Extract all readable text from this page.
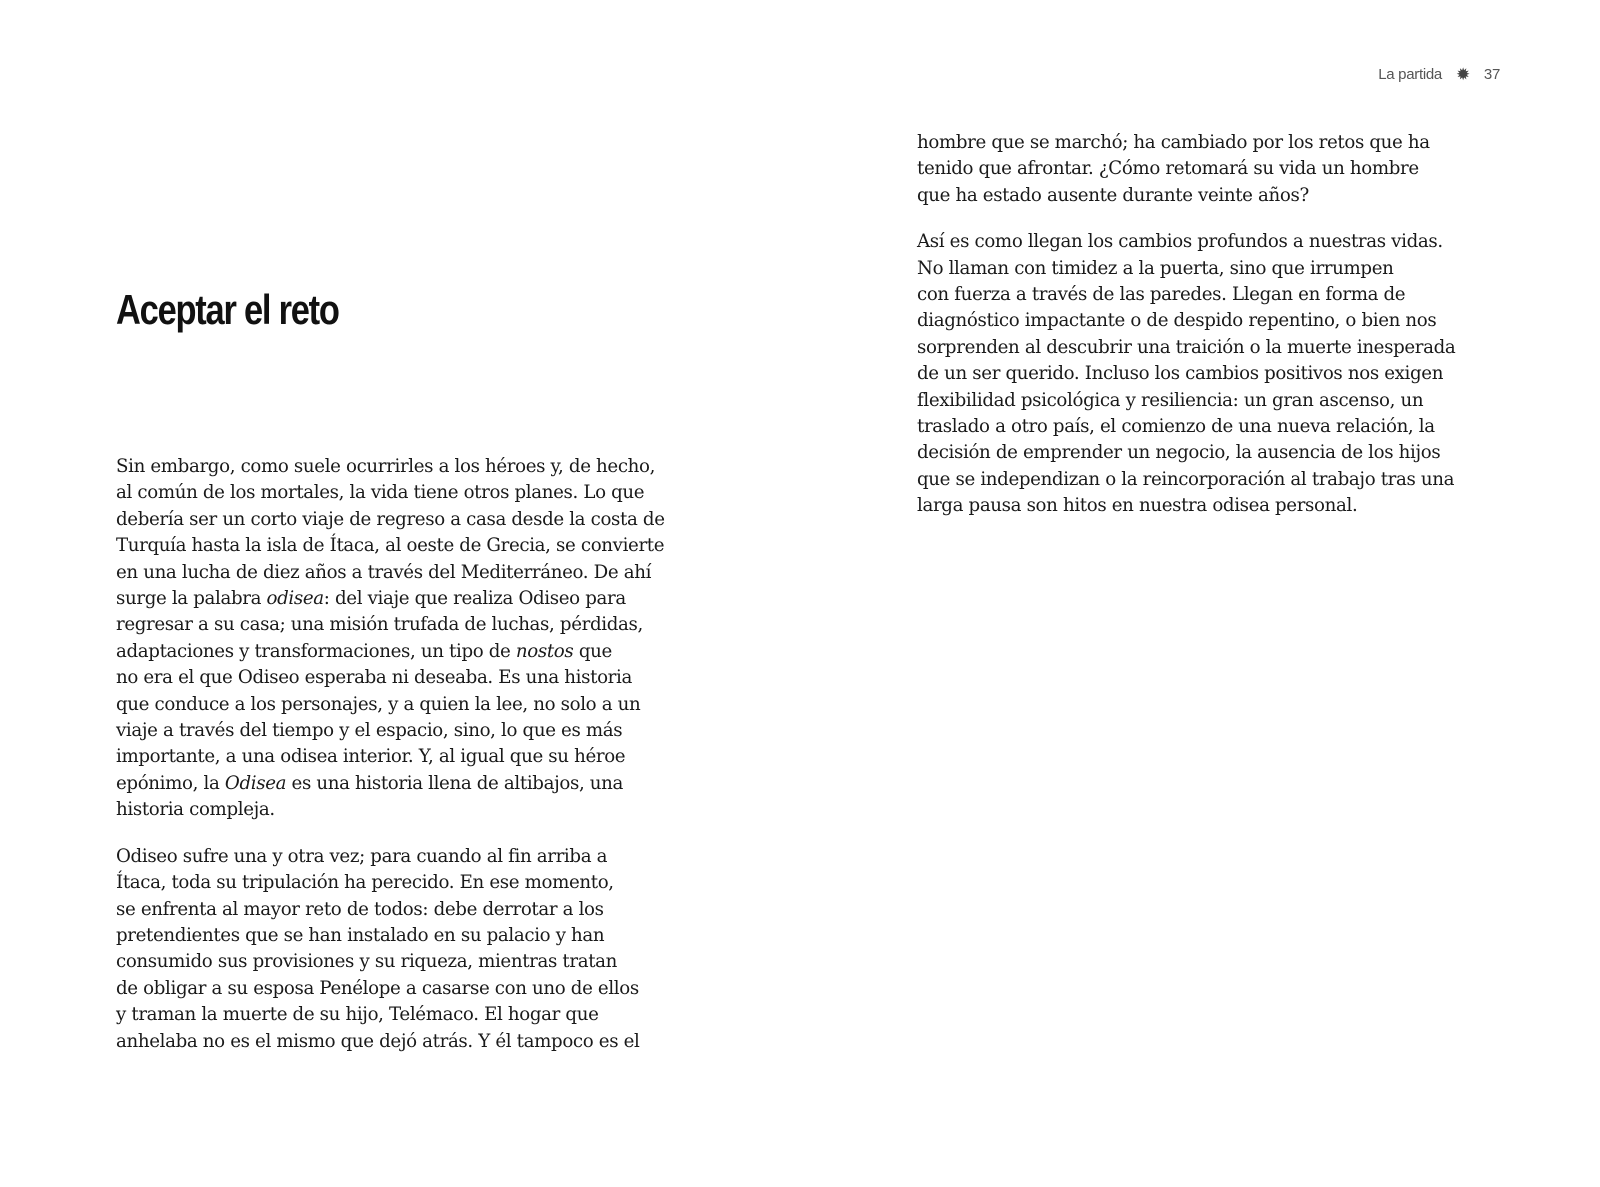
Aceptar el reto

Sin embargo, como suele ocurrirles a los héroes y, de hecho,
al común de los mortales, la vida tiene otros planes. Lo que
debería ser un corto viaje de regreso a casa desde la costa de
Turquía hasta la isla de Ítaca, al oeste de Grecia, se convierte
en una lucha de diez años a través del Mediterráneo. De ahí
surge la palabra odisea: del viaje que realiza Odiseo para
regresar a su casa; una misión trufada de luchas, pérdidas,
adaptaciones y transformaciones, un tipo de nostos que
no era el que Odiseo esperaba ni deseaba. Es una historia
que conduce a los personajes, y a quien la lee, no solo a un
viaje a través del tiempo y el espacio, sino, lo que es más
importante, a una odisea interior. Y, al igual que su héroe
epónimo, la Odisea es una historia llena de altibajos, una
historia compleja.

Odiseo sufre una y otra vez; para cuando al fin arriba a
Ítaca, toda su tripulación ha perecido. En ese momento,
se enfrenta al mayor reto de todos: debe derrotar a los
pretendientes que se han instalado en su palacio y han
consumido sus provisiones y su riqueza, mientras tratan
de obligar a su esposa Penélope a casarse con uno de ellos
y traman la muerte de su hijo, Telémaco. El hogar que
anhelaba no es el mismo que dejó atrás. Y él tampoco es el

La partida ✹ 37

hombre que se marchó; ha cambiado por los retos que ha
tenido que afrontar. ¿Cómo retomará su vida un hombre
que ha estado ausente durante veinte años?

Así es como llegan los cambios profundos a nuestras vidas.
No llaman con timidez a la puerta, sino que irrumpen
con fuerza a través de las paredes. Llegan en forma de
diagnóstico impactante o de despido repentino, o bien nos
sorprenden al descubrir una traición o la muerte inesperada
de un ser querido. Incluso los cambios positivos nos exigen
flexibilidad psicológica y resiliencia: un gran ascenso, un
traslado a otro país, el comienzo de una nueva relación, la
decisión de emprender un negocio, la ausencia de los hijos
que se independizan o la reincorporación al trabajo tras una
larga pausa son hitos en nuestra odisea personal.
